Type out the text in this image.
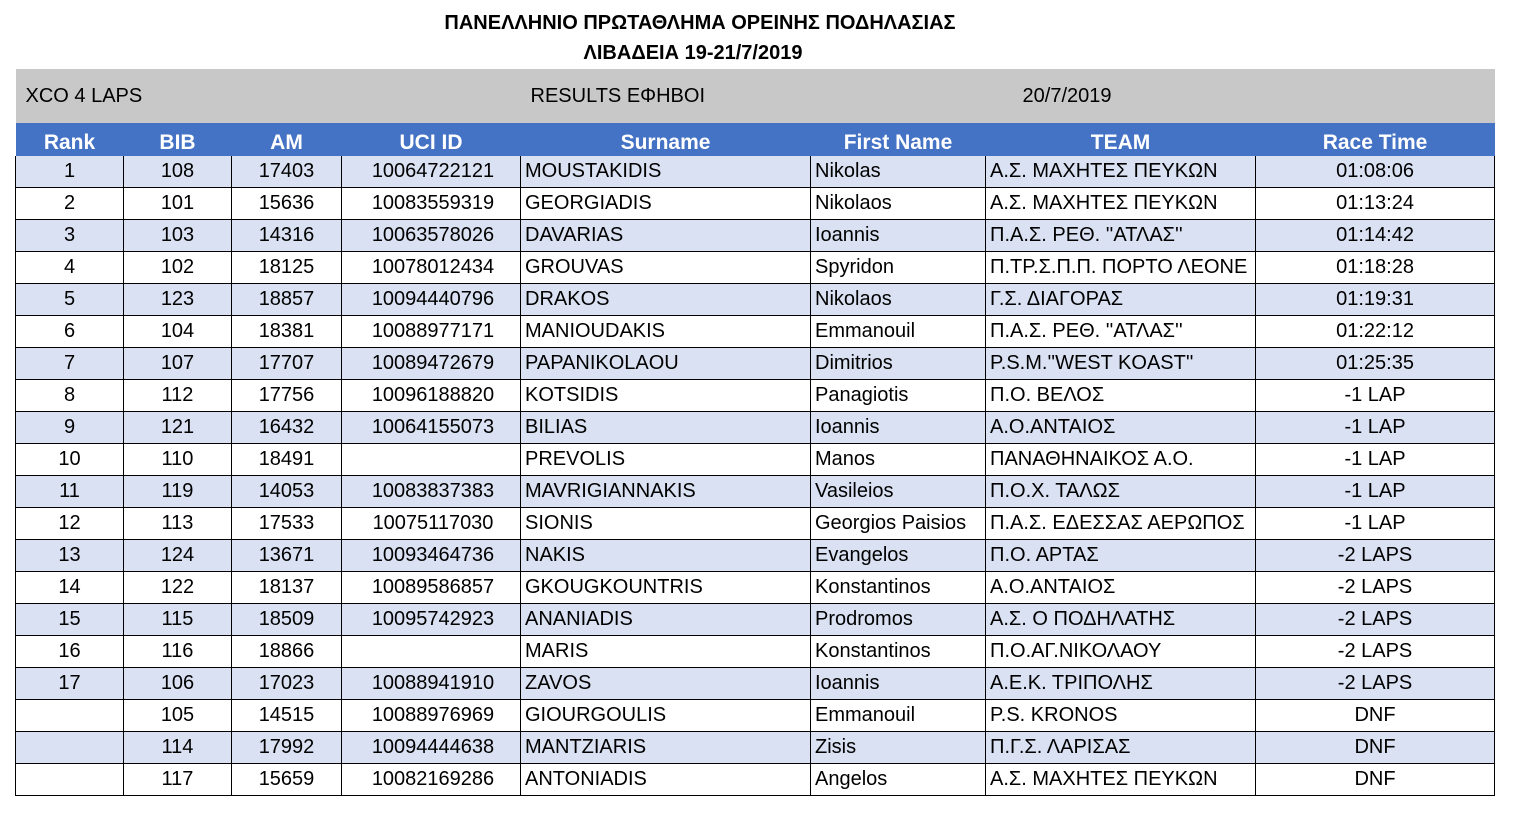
ΠΑΝΕΛΛΗΝΙΟ ΠΡΩΤΑΘΛΗΜΑ ΟΡΕΙΝΗΣ ΠΟΔΗΛΑΣΙΑΣ
ΛΙΒΑΔΕΙΑ 19-21/7/2019
XCO 4 LAPS				RESULTS ΕΦΗΒΟΙ		20/7/2019	
Rank	BIB	AM	UCI ID	Surname	First Name	TEAM	Race Time
1	108	17403	10064722121	MOUSTAKIDIS	Nikolas	Α.Σ. ΜΑΧΗΤΕΣ ΠΕΥΚΩΝ	01:08:06
2	101	15636	10083559319	GEORGIADIS	Nikolaos	Α.Σ. ΜΑΧΗΤΕΣ ΠΕΥΚΩΝ	01:13:24
3	103	14316	10063578026	DAVARIAS	Ioannis	Π.Α.Σ. ΡΕΘ. ''ΑΤΛΑΣ''	01:14:42
4	102	18125	10078012434	GROUVAS	Spyridon	Π.ΤΡ.Σ.Π.Π. ΠΟΡΤΟ ΛΕΟΝΕ	01:18:28
5	123	18857	10094440796	DRAKOS	Nikolaos	Γ.Σ. ΔΙΑΓΟΡΑΣ	01:19:31
6	104	18381	10088977171	MANIOUDAKIS	Emmanouil	Π.Α.Σ. ΡΕΘ. ''ΑΤΛΑΣ''	01:22:12
7	107	17707	10089472679	PAPANIKOLAOU	Dimitrios	P.S.M.''WEST KOAST''	01:25:35
8	112	17756	10096188820	KOTSIDIS	Panagiotis	Π.Ο. ΒΕΛΟΣ	-1 LAP
9	121	16432	10064155073	BILIAS	Ioannis	Α.Ο.ΑΝΤΑΙΟΣ	-1 LAP
10	110	18491		PREVOLIS	Manos	ΠΑΝΑΘΗΝΑΙΚΟΣ Α.Ο.	-1 LAP
11	119	14053	10083837383	MAVRIGIANNAKIS	Vasileios	Π.Ο.Χ. ΤΑΛΩΣ	-1 LAP
12	113	17533	10075117030	SIONIS	Georgios Paisios	Π.Α.Σ. ΕΔΕΣΣΑΣ ΑΕΡΩΠΟΣ	-1 LAP
13	124	13671	10093464736	NAKIS	Evangelos	Π.Ο. ΑΡΤΑΣ	-2 LAPS
14	122	18137	10089586857	GKOUGKOUNTRIS	Konstantinos	Α.Ο.ΑΝΤΑΙΟΣ	-2 LAPS
15	115	18509	10095742923	ANANIADIS	Prodromos	Α.Σ. Ο ΠΟΔΗΛΑΤΗΣ	-2 LAPS
16	116	18866		MARIS	Konstantinos	Π.Ο.ΑΓ.ΝΙΚΟΛΑΟΥ	-2 LAPS
17	106	17023	10088941910	ZAVOS	Ioannis	Α.Ε.Κ. ΤΡΙΠΟΛΗΣ	-2 LAPS
	105	14515	10088976969	GIOURGOULIS	Emmanouil	P.S. KRONOS	DNF
	114	17992	10094444638	MANTZIARIS	Zisis	Π.Γ.Σ. ΛΑΡΙΣΑΣ	DNF
	117	15659	10082169286	ANTONIADIS	Angelos	Α.Σ. ΜΑΧΗΤΕΣ ΠΕΥΚΩΝ	DNF
